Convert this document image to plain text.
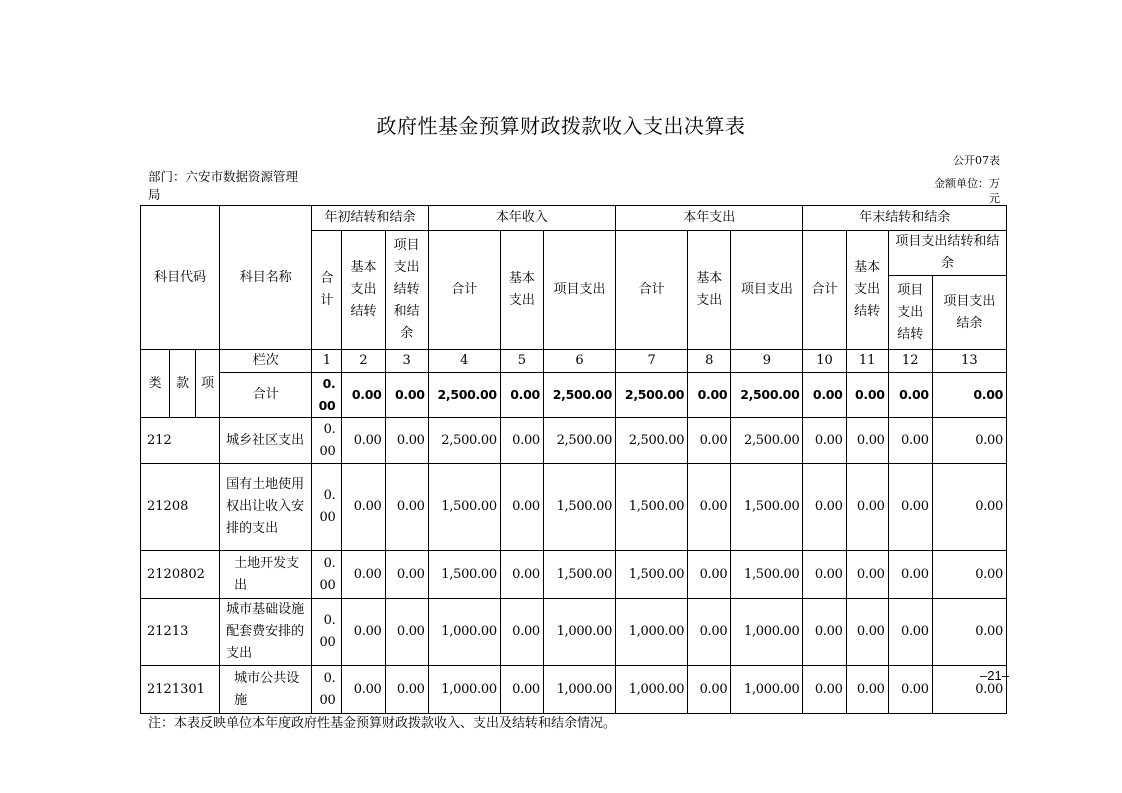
政府性基金预算财政拨款收入支出决算表
公开07表
部门：六安市数据资源管理局
金额单位：万元
科目代码			科目名称	年初结转和结余			本年收入			本年支出			年末结转和结余			
				合计	基本支出结转	项目支出结转和结余	合计	基本支出	项目支出	合计	基本支出	项目支出	合计	基本支出结转	项目支出结转和结余	
															项目支出结转	项目支出结余
类	款	项	栏次	1	2	3	4	5	6	7	8	9	10	11	12	13
			合计	0.00	0.00	0.00	2,500.00	0.00	2,500.00	2,500.00	0.00	2,500.00	0.00	0.00	0.00	0.00
212			城乡社区支出	0.00	0.00	0.00	2,500.00	0.00	2,500.00	2,500.00	0.00	2,500.00	0.00	0.00	0.00	0.00
21208			国有土地使用权出让收入安排的支出	0.00	0.00	0.00	1,500.00	0.00	1,500.00	1,500.00	0.00	1,500.00	0.00	0.00	0.00	0.00
2120802			土地开发支出	0.00	0.00	0.00	1,500.00	0.00	1,500.00	1,500.00	0.00	1,500.00	0.00	0.00	0.00	0.00
21213			城市基础设施配套费安排的支出	0.00	0.00	0.00	1,000.00	0.00	1,000.00	1,000.00	0.00	1,000.00	0.00	0.00	0.00	0.00
2121301			城市公共设施	0.00	0.00	0.00	1,000.00	0.00	1,000.00	1,000.00	0.00	1,000.00	0.00	0.00	0.00	0.00
注：本表反映单位本年度政府性基金预算财政拨款收入、支出及结转和结余情况。
–21–
